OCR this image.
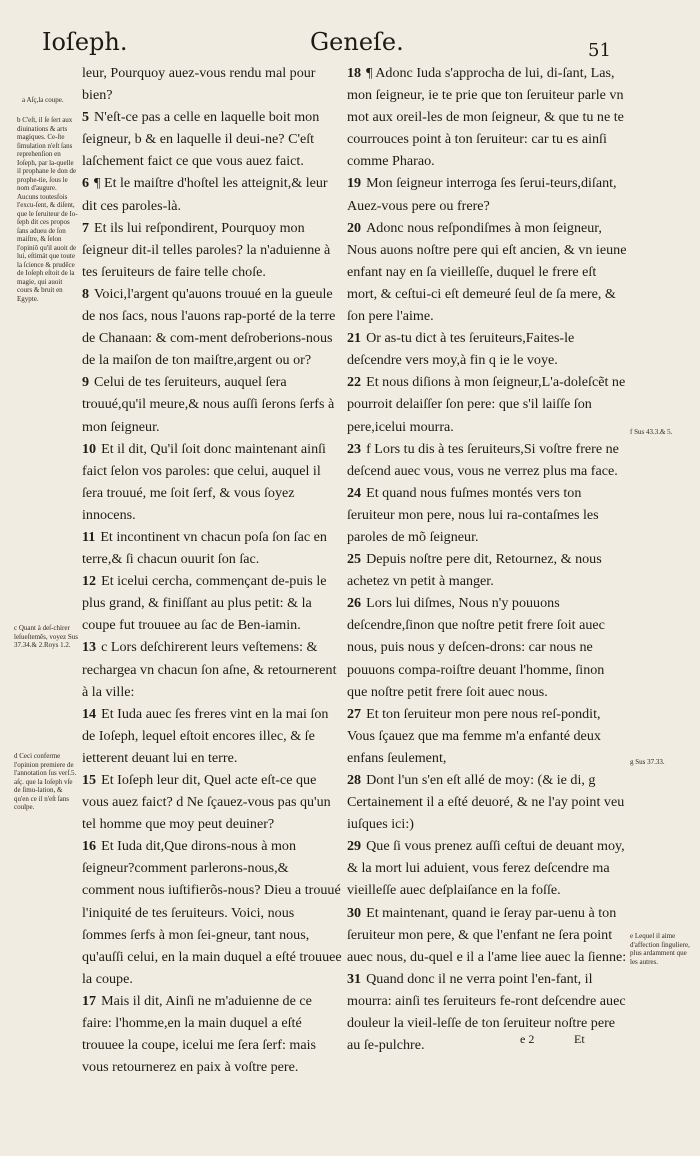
Ioſeph.	Geneſe.	51
a Aſç,la coupe.
b C'eſt, il ſe ſert aux diuinations & arts magiques. Ce-ſte ſimulation n'eſt ſans reprehenſion en Ioſeph, par la-quelle il prophane le don de prophe-tie, ſous le nom d'augure. Aucuns toutesfois l'excu-ſent, & diſent, que le ſeruiteur de Io-ſeph dit ces propos ſans adueu de ſon maiſtre, & ſelon l'opiniõ qu'il auoit de lui, eſtimát que toute la ſcience & prudẽce de Ioſeph eſtoit de la magie, qui auoit cours & bruit en Egypte.
c Quant à deſ-chirer leſueſtemẽs, voyez Sus 37.34.& 2.Roys 1.2.
d Ceci conferme l'opinion premiere de l'annotation ſus verſ.5. aſç. que la Ioſeph vſe de ſimu-lation, & qu'en ce il n'eſt ſans coulpe.
f Sus 43.3.& 5.
g Sus 37.33.
e Lequel il aime d'affection ſinguliere, plus ardamment que les autres.

leur, Pourquoy auez-vous rendu mal pour bien?

5 N'eſt-ce pas a celle en laquelle boit mon ſeigneur, b & en laquelle il deui-ne? C'eſt laſchement faict ce que vous auez faict.

6 ¶ Et le maiſtre d'hoſtel les atteignit,& leur dit ces paroles-là.

7 Et ils lui reſpondirent, Pourquoy mon ſeigneur dit-il telles paroles? la n'aduienne à tes ſeruiteurs de faire telle choſe.

8 Voici,l'argent qu'auons trouué en la gueule de nos ſacs, nous l'auons rap-porté de la terre de Chanaan: & com-ment deſroberions-nous de la maiſon de ton maiſtre,argent ou or?

9 Celui de tes ſeruiteurs, auquel ſera trouué,qu'il meure,& nous auſſi ſerons ſerfs à mon ſeigneur.

10 Et il dit, Qu'il ſoit donc maintenant ainſi faict ſelon vos paroles: que celui, auquel il ſera trouué, me ſoit ſerf, & vous ſoyez innocens.

11 Et incontinent vn chacun poſa ſon ſac en terre,& ſi chacun ouurit ſon ſac.

12 Et icelui cercha, commençant de-puis le plus grand, & finiſſant au plus petit: & la coupe fut trouuee au ſac de Ben-iamin.

13 c Lors deſchirerent leurs veſtemens: & rechargea vn chacun ſon aſne, & retournerent à la ville:

14 Et Iuda auec ſes freres vint en la mai ſon de Ioſeph, lequel eſtoit encores illec, & ſe ietterent deuant lui en terre.

15 Et Ioſeph leur dit, Quel acte eſt-ce que vous auez faict? d Ne ſçauez-vous pas qu'un tel homme que moy peut deuiner?

16 Et Iuda dit,Que dirons-nous à mon ſeigneur?comment parlerons-nous,& comment nous iuſtifierõs-nous? Dieu a trouué l'iniquité de tes ſeruiteurs. Voici, nous ſommes ſerfs à mon ſei-gneur, tant nous, qu'auſſi celui, en la main duquel a eſté trouuee la coupe.

17 Mais il dit, Ainſi ne m'aduienne de ce faire: l'homme,en la main duquel a eſté trouuee la coupe, icelui me ſera ſerf: mais vous retournerez en paix à voſtre pere.

18 ¶ Adonc Iuda s'approcha de lui, di-ſant, Las, mon ſeigneur, ie te prie que ton ſeruiteur parle vn mot aux oreil-les de mon ſeigneur, & que tu ne te courrouces point à ton ſeruiteur: car tu es ainſi comme Pharao.

19 Mon ſeigneur interroga ſes ſerui-teurs,diſant, Auez-vous pere ou frere?

20 Adonc nous reſpondiſmes à mon ſeigneur, Nous auons noſtre pere qui eſt ancien, & vn ieune enfant nay en ſa vieilleſſe, duquel le frere eſt mort, & ceſtui-ci eſt demeuré ſeul de ſa mere, & ſon pere l'aime.

21 Or as-tu dict à tes ſeruiteurs,Faites-le deſcendre vers moy,à fin q ie le voye.

22 Et nous diſions à mon ſeigneur,L'a-doleſcẽt ne pourroit delaiſſer ſon pere: que s'il laiſſe ſon pere,icelui mourra.

23 f Lors tu dis à tes ſeruiteurs,Si voſtre frere ne deſcend auec vous, vous ne verrez plus ma face.

24 Et quand nous fuſmes montés vers ton ſeruiteur mon pere, nous lui ra-contaſmes les paroles de mõ ſeigneur.

25 Depuis noſtre pere dit, Retournez, & nous achetez vn petit à manger.

26 Lors lui diſmes, Nous n'y pouuons deſcendre,ſinon que noſtre petit frere ſoit auec nous, puis nous y deſcen-drons: car nous ne pouuons compa-roiſtre deuant l'homme, ſinon que noſtre petit frere ſoit auec nous.

27 Et ton ſeruiteur mon pere nous reſ-pondit, Vous ſçauez que ma femme m'a enfanté deux enfans ſeulement,

28 Dont l'un s'en eſt allé de moy: (& ie di, g Certainement il a eſté deuoré, & ne l'ay point veu iuſques ici:)

29 Que ſi vous prenez auſſi ceſtui de deuant moy, & la mort lui aduient, vous ferez deſcendre ma vieilleſſe auec deſplaiſance en la foſſe.

30 Et maintenant, quand ie ſeray par-uenu à ton ſeruiteur mon pere, & que l'enfant ne ſera point auec nous, du-quel e il a l'ame liee auec la ſienne:

31 Quand donc il ne verra point l'en-fant, il mourra: ainſi tes ſeruiteurs fe-ront deſcendre auec douleur la vieil-leſſe de ton ſeruiteur noſtre pere au ſe-pulchre.	e 2	Et
